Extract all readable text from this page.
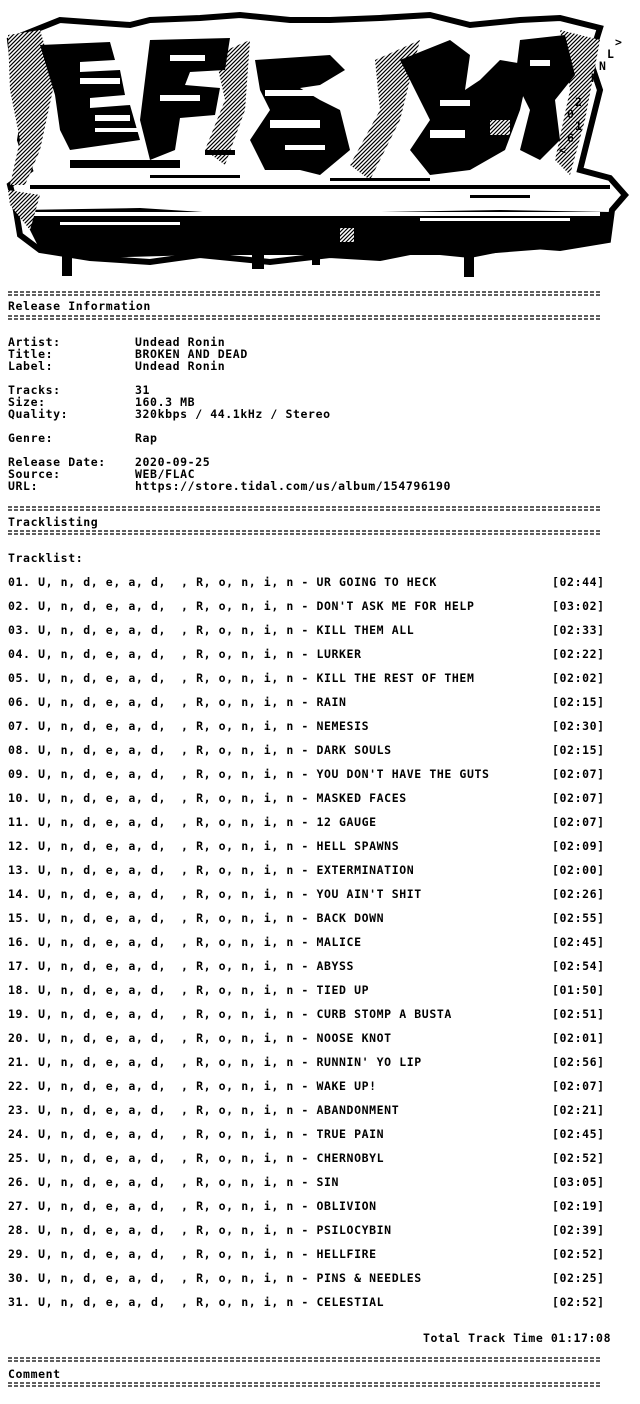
>
L
N
K
2
0
1
6
<
Release Information
Artist:	Undead Ronin
Title:	BROKEN AND DEAD
Label:	Undead Ronin
Tracks:	31
Size:	160.3 MB
Quality:	320kbps / 44.1kHz / Stereo
Genre:	Rap
Release Date:	2020-09-25
Source:	WEB/FLAC
URL:	https://store.tidal.com/us/album/154796190
Tracklisting
Tracklist:
01. U, n, d, e, a, d,  , R, o, n, i, n - UR GOING TO HECK	[02:44]
02. U, n, d, e, a, d,  , R, o, n, i, n - DON'T ASK ME FOR HELP	[03:02]
03. U, n, d, e, a, d,  , R, o, n, i, n - KILL THEM ALL	[02:33]
04. U, n, d, e, a, d,  , R, o, n, i, n - LURKER	[02:22]
05. U, n, d, e, a, d,  , R, o, n, i, n - KILL THE REST OF THEM	[02:02]
06. U, n, d, e, a, d,  , R, o, n, i, n - RAIN	[02:15]
07. U, n, d, e, a, d,  , R, o, n, i, n - NEMESIS	[02:30]
08. U, n, d, e, a, d,  , R, o, n, i, n - DARK SOULS	[02:15]
09. U, n, d, e, a, d,  , R, o, n, i, n - YOU DON'T HAVE THE GUTS	[02:07]
10. U, n, d, e, a, d,  , R, o, n, i, n - MASKED FACES	[02:07]
11. U, n, d, e, a, d,  , R, o, n, i, n - 12 GAUGE	[02:07]
12. U, n, d, e, a, d,  , R, o, n, i, n - HELL SPAWNS	[02:09]
13. U, n, d, e, a, d,  , R, o, n, i, n - EXTERMINATION	[02:00]
14. U, n, d, e, a, d,  , R, o, n, i, n - YOU AIN'T SHIT	[02:26]
15. U, n, d, e, a, d,  , R, o, n, i, n - BACK DOWN	[02:55]
16. U, n, d, e, a, d,  , R, o, n, i, n - MALICE	[02:45]
17. U, n, d, e, a, d,  , R, o, n, i, n - ABYSS	[02:54]
18. U, n, d, e, a, d,  , R, o, n, i, n - TIED UP	[01:50]
19. U, n, d, e, a, d,  , R, o, n, i, n - CURB STOMP A BUSTA	[02:51]
20. U, n, d, e, a, d,  , R, o, n, i, n - NOOSE KNOT	[02:01]
21. U, n, d, e, a, d,  , R, o, n, i, n - RUNNIN' YO LIP	[02:56]
22. U, n, d, e, a, d,  , R, o, n, i, n - WAKE UP!	[02:07]
23. U, n, d, e, a, d,  , R, o, n, i, n - ABANDONMENT	[02:21]
24. U, n, d, e, a, d,  , R, o, n, i, n - TRUE PAIN	[02:45]
25. U, n, d, e, a, d,  , R, o, n, i, n - CHERNOBYL	[02:52]
26. U, n, d, e, a, d,  , R, o, n, i, n - SIN	[03:05]
27. U, n, d, e, a, d,  , R, o, n, i, n - OBLIVION	[02:19]
28. U, n, d, e, a, d,  , R, o, n, i, n - PSILOCYBIN	[02:39]
29. U, n, d, e, a, d,  , R, o, n, i, n - HELLFIRE	[02:52]
30. U, n, d, e, a, d,  , R, o, n, i, n - PINS & NEEDLES	[02:25]
31. U, n, d, e, a, d,  , R, o, n, i, n - CELESTIAL	[02:52]
Total Track Time 01:17:08
Comment
